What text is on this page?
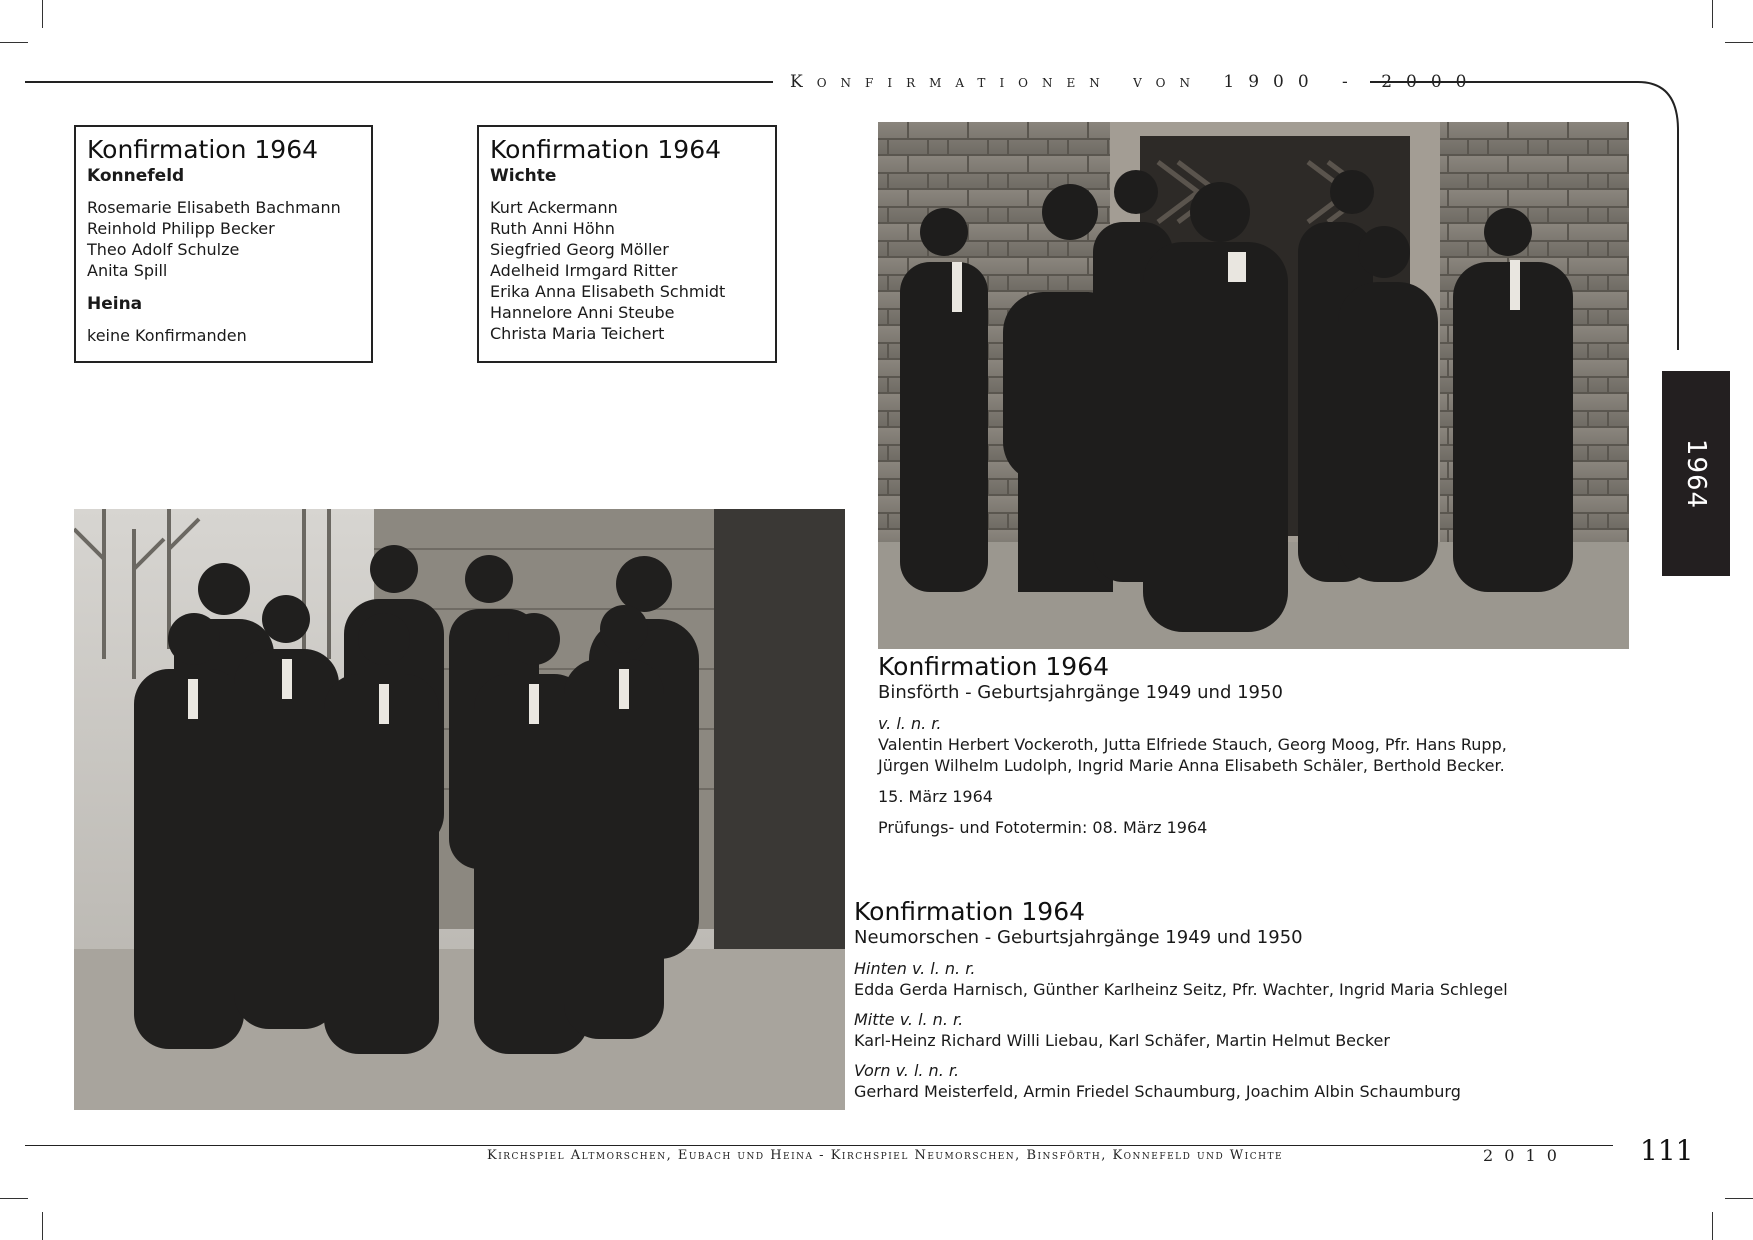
Konfirmationen von 1900 - 2000
Konfirmation 1964
Konnefeld
Rosemarie Elisabeth Bachmann
Reinhold Philipp Becker
Theo Adolf Schulze
Anita Spill
Heina
keine Konfirmanden
Konfirmation 1964
Wichte
Kurt Ackermann
Ruth Anni Höhn
Siegfried Georg Möller
Adelheid Irmgard Ritter
Erika Anna Elisabeth Schmidt
Hannelore Anni Steube
Christa Maria Teichert
Konfirmation 1964
Binsförth - Geburtsjahrgänge 1949 und 1950
v. l. n. r.
Valentin Herbert Vockeroth, Jutta Elfriede Stauch, Georg Moog, Pfr. Hans Rupp,
Jürgen Wilhelm Ludolph, Ingrid Marie Anna Elisabeth Schäler, Berthold Becker.
15. März 1964
Prüfungs- und Fototermin: 08. März 1964
Konfirmation 1964
Neumorschen - Geburtsjahrgänge 1949 und 1950
Hinten v. l. n. r.
Edda Gerda Harnisch, Günther Karlheinz Seitz, Pfr. Wachter, Ingrid Maria Schlegel
Mitte v. l. n. r.
Karl-Heinz Richard Willi Liebau, Karl Schäfer, Martin Helmut Becker
Vorn v. l. n. r.
Gerhard Meisterfeld, Armin Friedel Schaumburg, Joachim Albin Schaumburg
1964
Kirchspiel Altmorschen, Eubach und Heina - Kirchspiel Neumorschen, Binsförth, Konnefeld und Wichte	2 0 1 0	111
